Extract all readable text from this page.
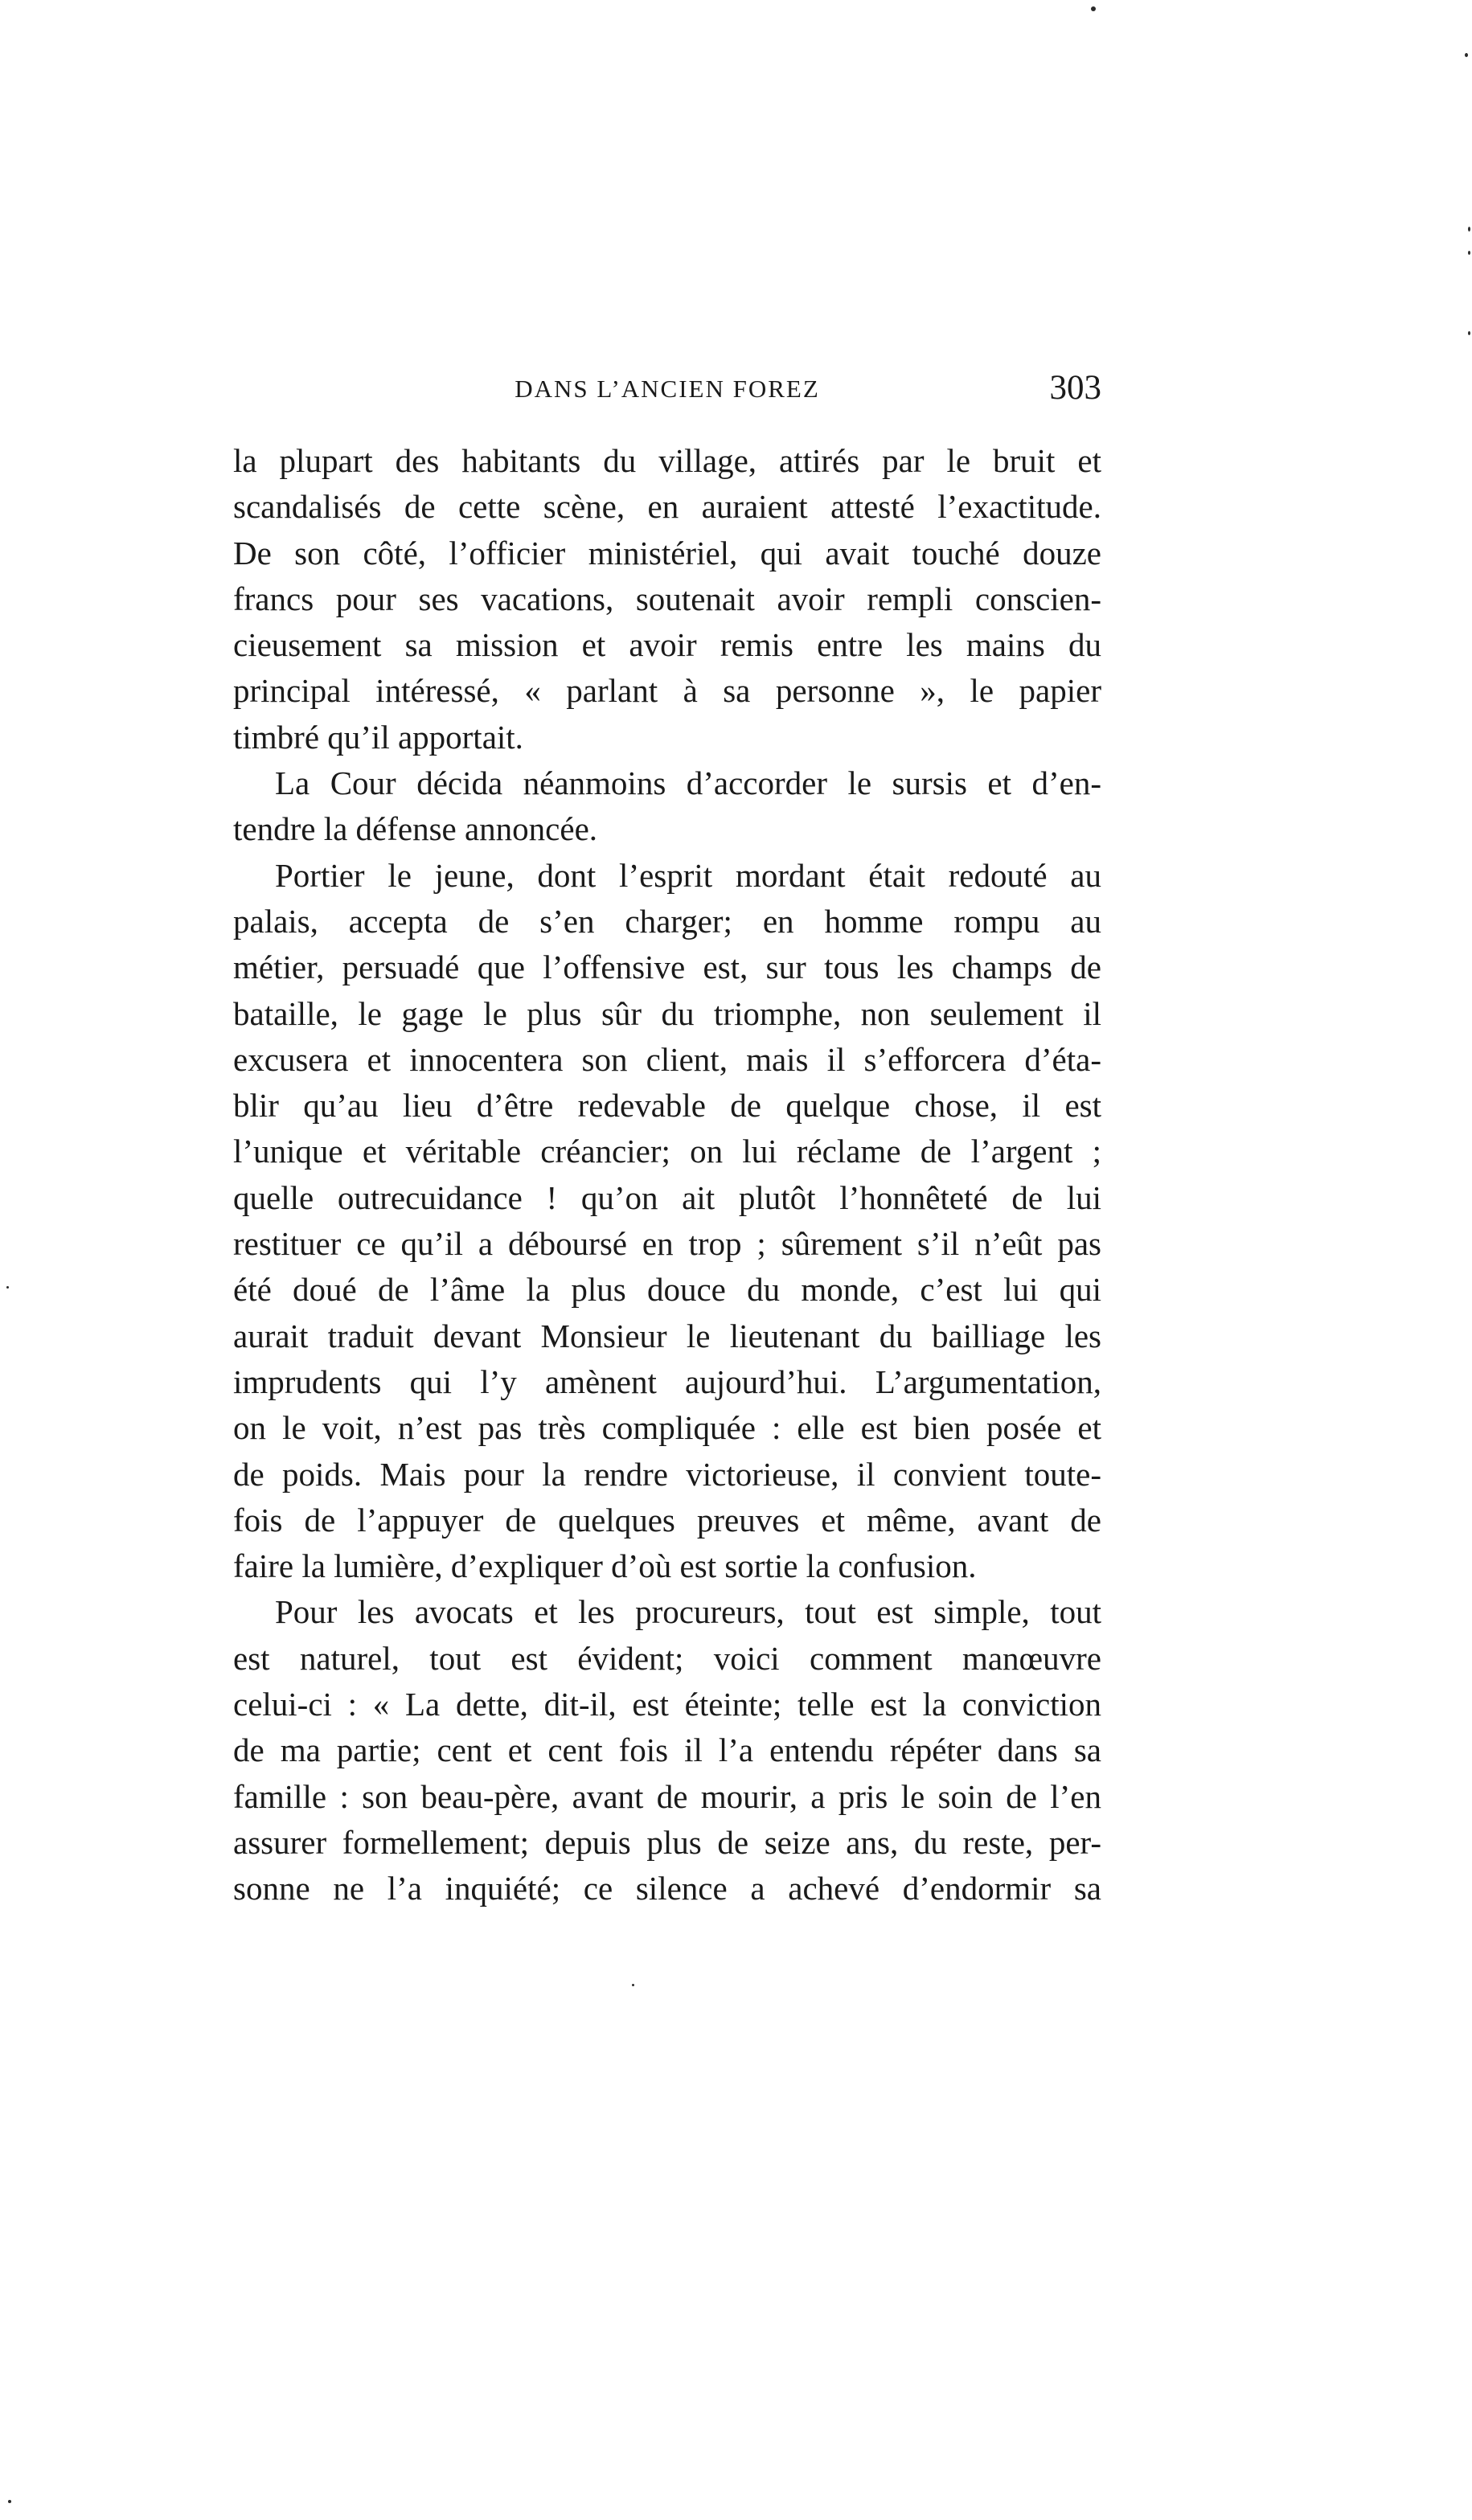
DANS L’ANCIEN FOREZ	303
la plupart des habitants du village, attirés par le bruit et
scandalisés de cette scène, en auraient attesté l’exactitude.
De son côté, l’officier ministériel, qui avait touché douze
francs pour ses vacations, soutenait avoir rempli conscien-
cieusement sa mission et avoir remis entre les mains du
principal intéressé, « parlant à sa personne », le papier
timbré qu’il apportait.
La Cour décida néanmoins d’accorder le sursis et d’en-
tendre la défense annoncée.
Portier le jeune, dont l’esprit mordant était redouté au
palais, accepta de s’en charger; en homme rompu au
métier, persuadé que l’offensive est, sur tous les champs de
bataille, le gage le plus sûr du triomphe, non seulement il
excusera et innocentera son client, mais il s’efforcera d’éta-
blir qu’au lieu d’être redevable de quelque chose, il est
l’unique et véritable créancier; on lui réclame de l’argent ;
quelle outrecuidance ! qu’on ait plutôt l’honnêteté de lui
restituer ce qu’il a déboursé en trop ; sûrement s’il n’eût pas
été doué de l’âme la plus douce du monde, c’est lui qui
aurait traduit devant Monsieur le lieutenant du bailliage les
imprudents qui l’y amènent aujourd’hui. L’argumentation,
on le voit, n’est pas très compliquée : elle est bien posée et
de poids. Mais pour la rendre victorieuse, il convient toute-
fois de l’appuyer de quelques preuves et même, avant de
faire la lumière, d’expliquer d’où est sortie la confusion.
Pour les avocats et les procureurs, tout est simple, tout
est naturel, tout est évident; voici comment manœuvre
celui-ci : « La dette, dit-il, est éteinte; telle est la conviction
de ma partie; cent et cent fois il l’a entendu répéter dans sa
famille : son beau-père, avant de mourir, a pris le soin de l’en
assurer formellement; depuis plus de seize ans, du reste, per-
sonne ne l’a inquiété; ce silence a achevé d’endormir sa
